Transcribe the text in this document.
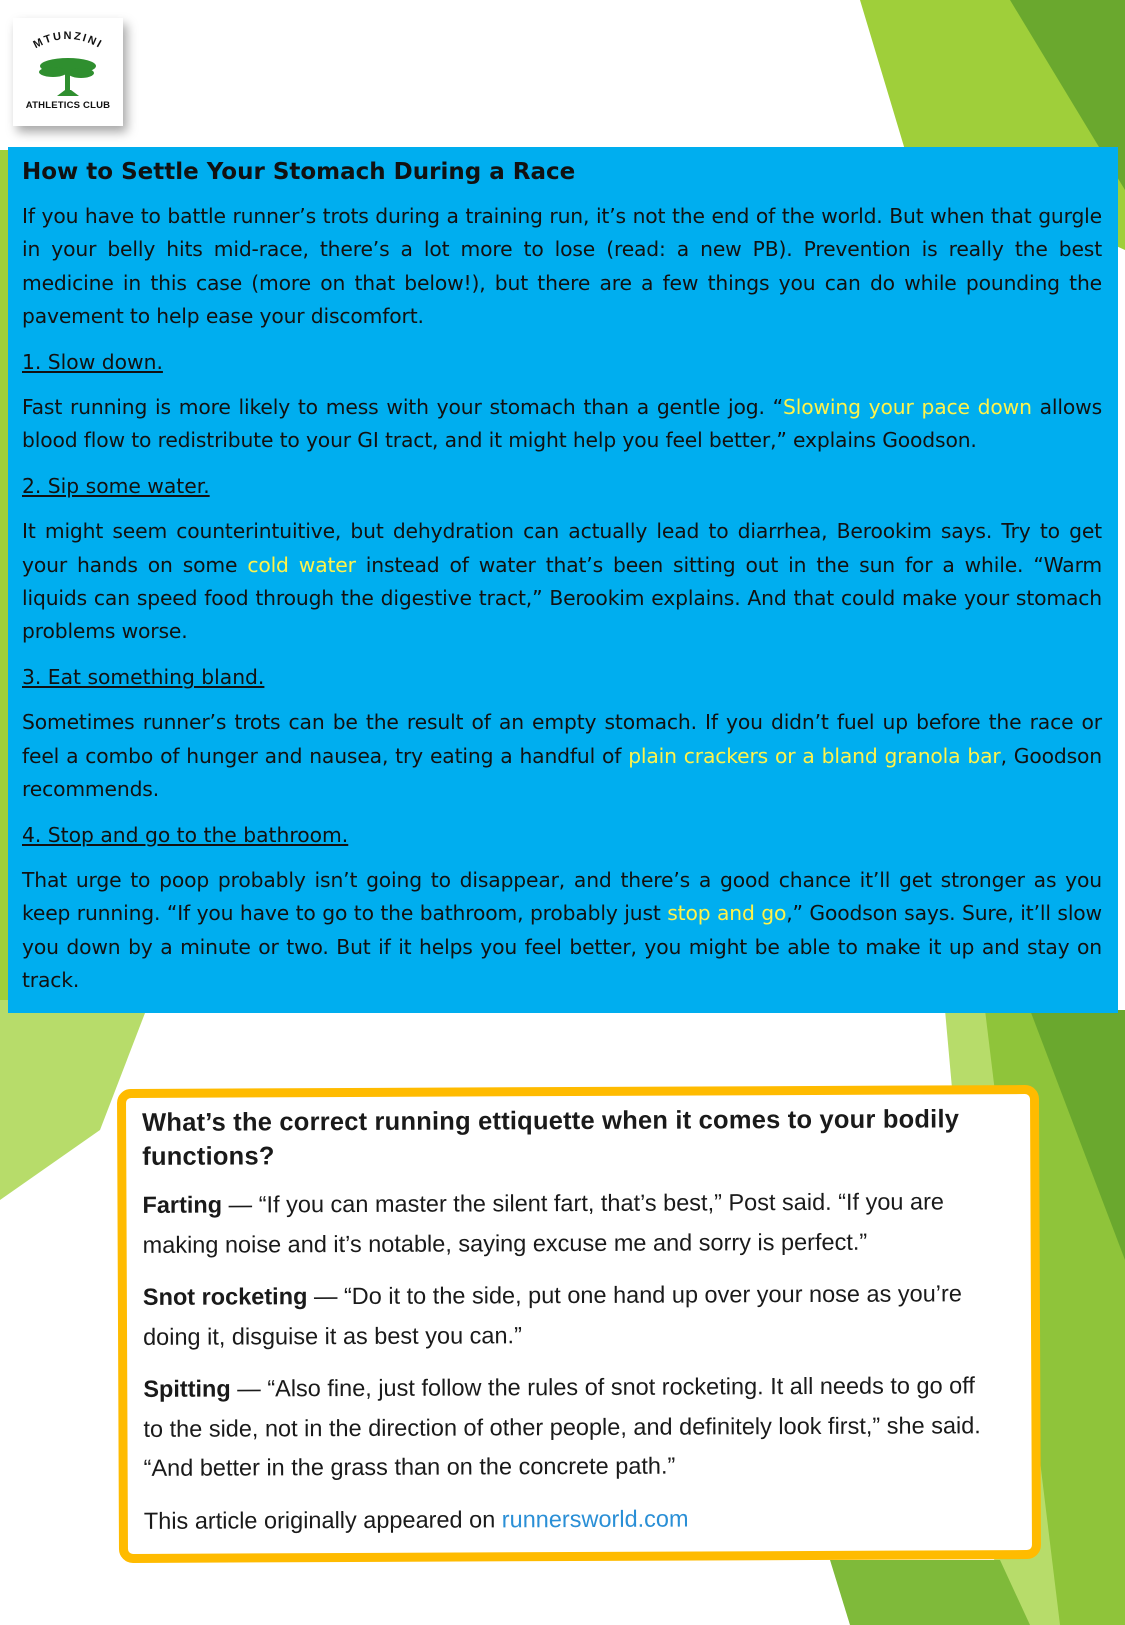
MTUNZINI
ATHLETICS CLUB
How to Settle Your Stomach During a Race

If you have to battle runner’s trots during a training run, it’s not the end of the world. But when that gurgle in your belly hits mid-race, there’s a lot more to lose (read: a new PB). Prevention is really the best medicine in this case (more on that below!), but there are a few things you can do while pounding the pavement to help ease your discomfort.

1. Slow down.

Fast running is more likely to mess with your stomach than a gentle jog. “Slowing your pace down allows blood flow to redistribute to your GI tract, and it might help you feel better,” explains Goodson.

2. Sip some water.

It might seem counterintuitive, but dehydration can actually lead to diarrhea, Berookim says. Try to get your hands on some cold water instead of water that’s been sitting out in the sun for a while. “Warm liquids can speed food through the digestive tract,” Berookim explains. And that could make your stomach problems worse.

3. Eat something bland.

Sometimes runner’s trots can be the result of an empty stomach. If you didn’t fuel up before the race or feel a combo of hunger and nausea, try eating a handful of plain crackers or a bland granola bar, Goodson recommends.

4. Stop and go to the bathroom.

That urge to poop probably isn’t going to disappear, and there’s a good chance it’ll get stronger as you keep running. “If you have to go to the bathroom, probably just stop and go,” Goodson says. Sure, it’ll slow you down by a minute or two. But if it helps you feel better, you might be able to make it up and stay on track.

What’s the correct running ettiquette when it comes to your bodily functions?

Farting — “If you can master the silent fart, that’s best,” Post said. “If you are making noise and it’s notable, saying excuse me and sorry is perfect.”

Snot rocketing — “Do it to the side, put one hand up over your nose as you’re doing it, disguise it as best you can.”

Spitting — “Also fine, just follow the rules of snot rocketing. It all needs to go off to the side, not in the direction of other people, and definitely look first,” she said. “And better in the grass than on the concrete path.”

This article originally appeared on runnersworld.com
